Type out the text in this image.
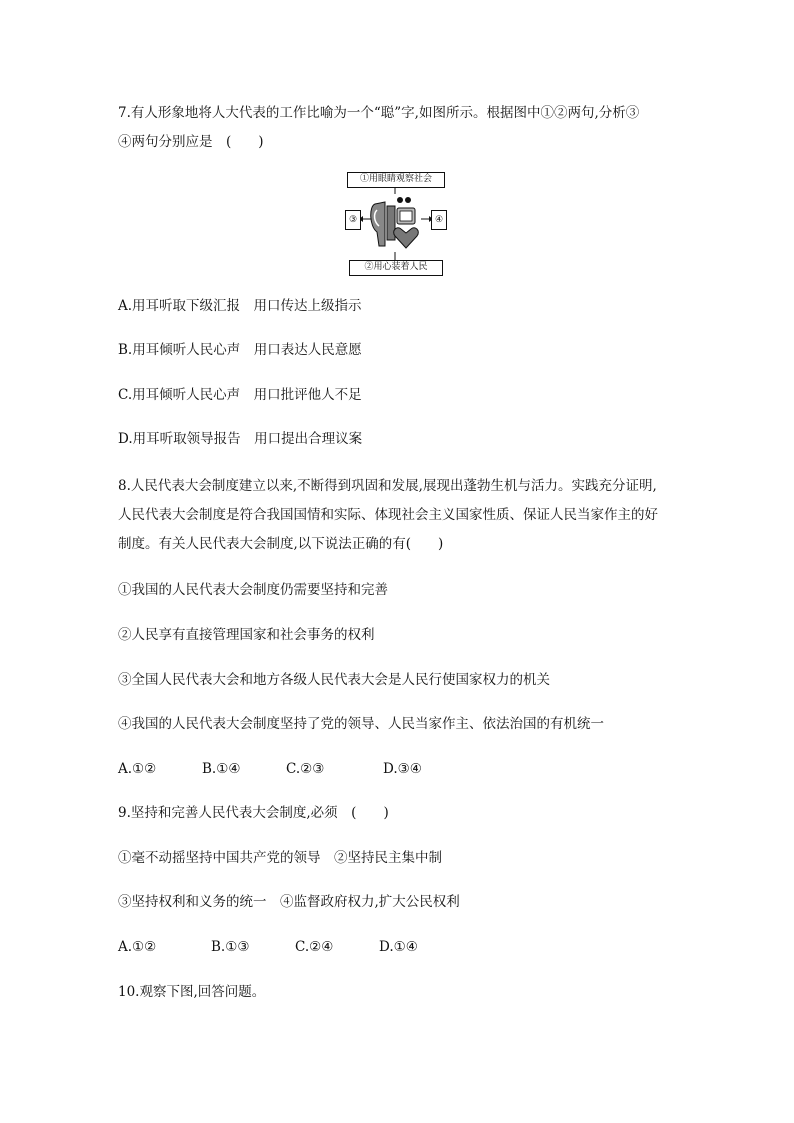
7.有人形象地将人大代表的工作比喻为一个“聪”字,如图所示。根据图中①②两句,分析③
④两句分别应是　(　　)
①用眼睛观察社会
②用心装着人民
③	④
A.用耳听取下级汇报　用口传达上级指示
B.用耳倾听人民心声　用口表达人民意愿
C.用耳倾听人民心声　用口批评他人不足
D.用耳听取领导报告　用口提出合理议案
8.人民代表大会制度建立以来,不断得到巩固和发展,展现出蓬勃生机与活力。实践充分证明,
人民代表大会制度是符合我国国情和实际、体现社会主义国家性质、保证人民当家作主的好
制度。有关人民代表大会制度,以下说法正确的有(　　)
①我国的人民代表大会制度仍需要坚持和完善
②人民享有直接管理国家和社会事务的权利
③全国人民代表大会和地方各级人民代表大会是人民行使国家权力的机关
④我国的人民代表大会制度坚持了党的领导、人民当家作主、依法治国的有机统一
A.①②	B.①④	C.②③	D.③④
9.坚持和完善人民代表大会制度,必须　(　　)
①毫不动摇坚持中国共产党的领导　②坚持民主集中制
③坚持权利和义务的统一　④监督政府权力,扩大公民权利
A.①②	B.①③	C.②④	D.①④
10.观察下图,回答问题。
